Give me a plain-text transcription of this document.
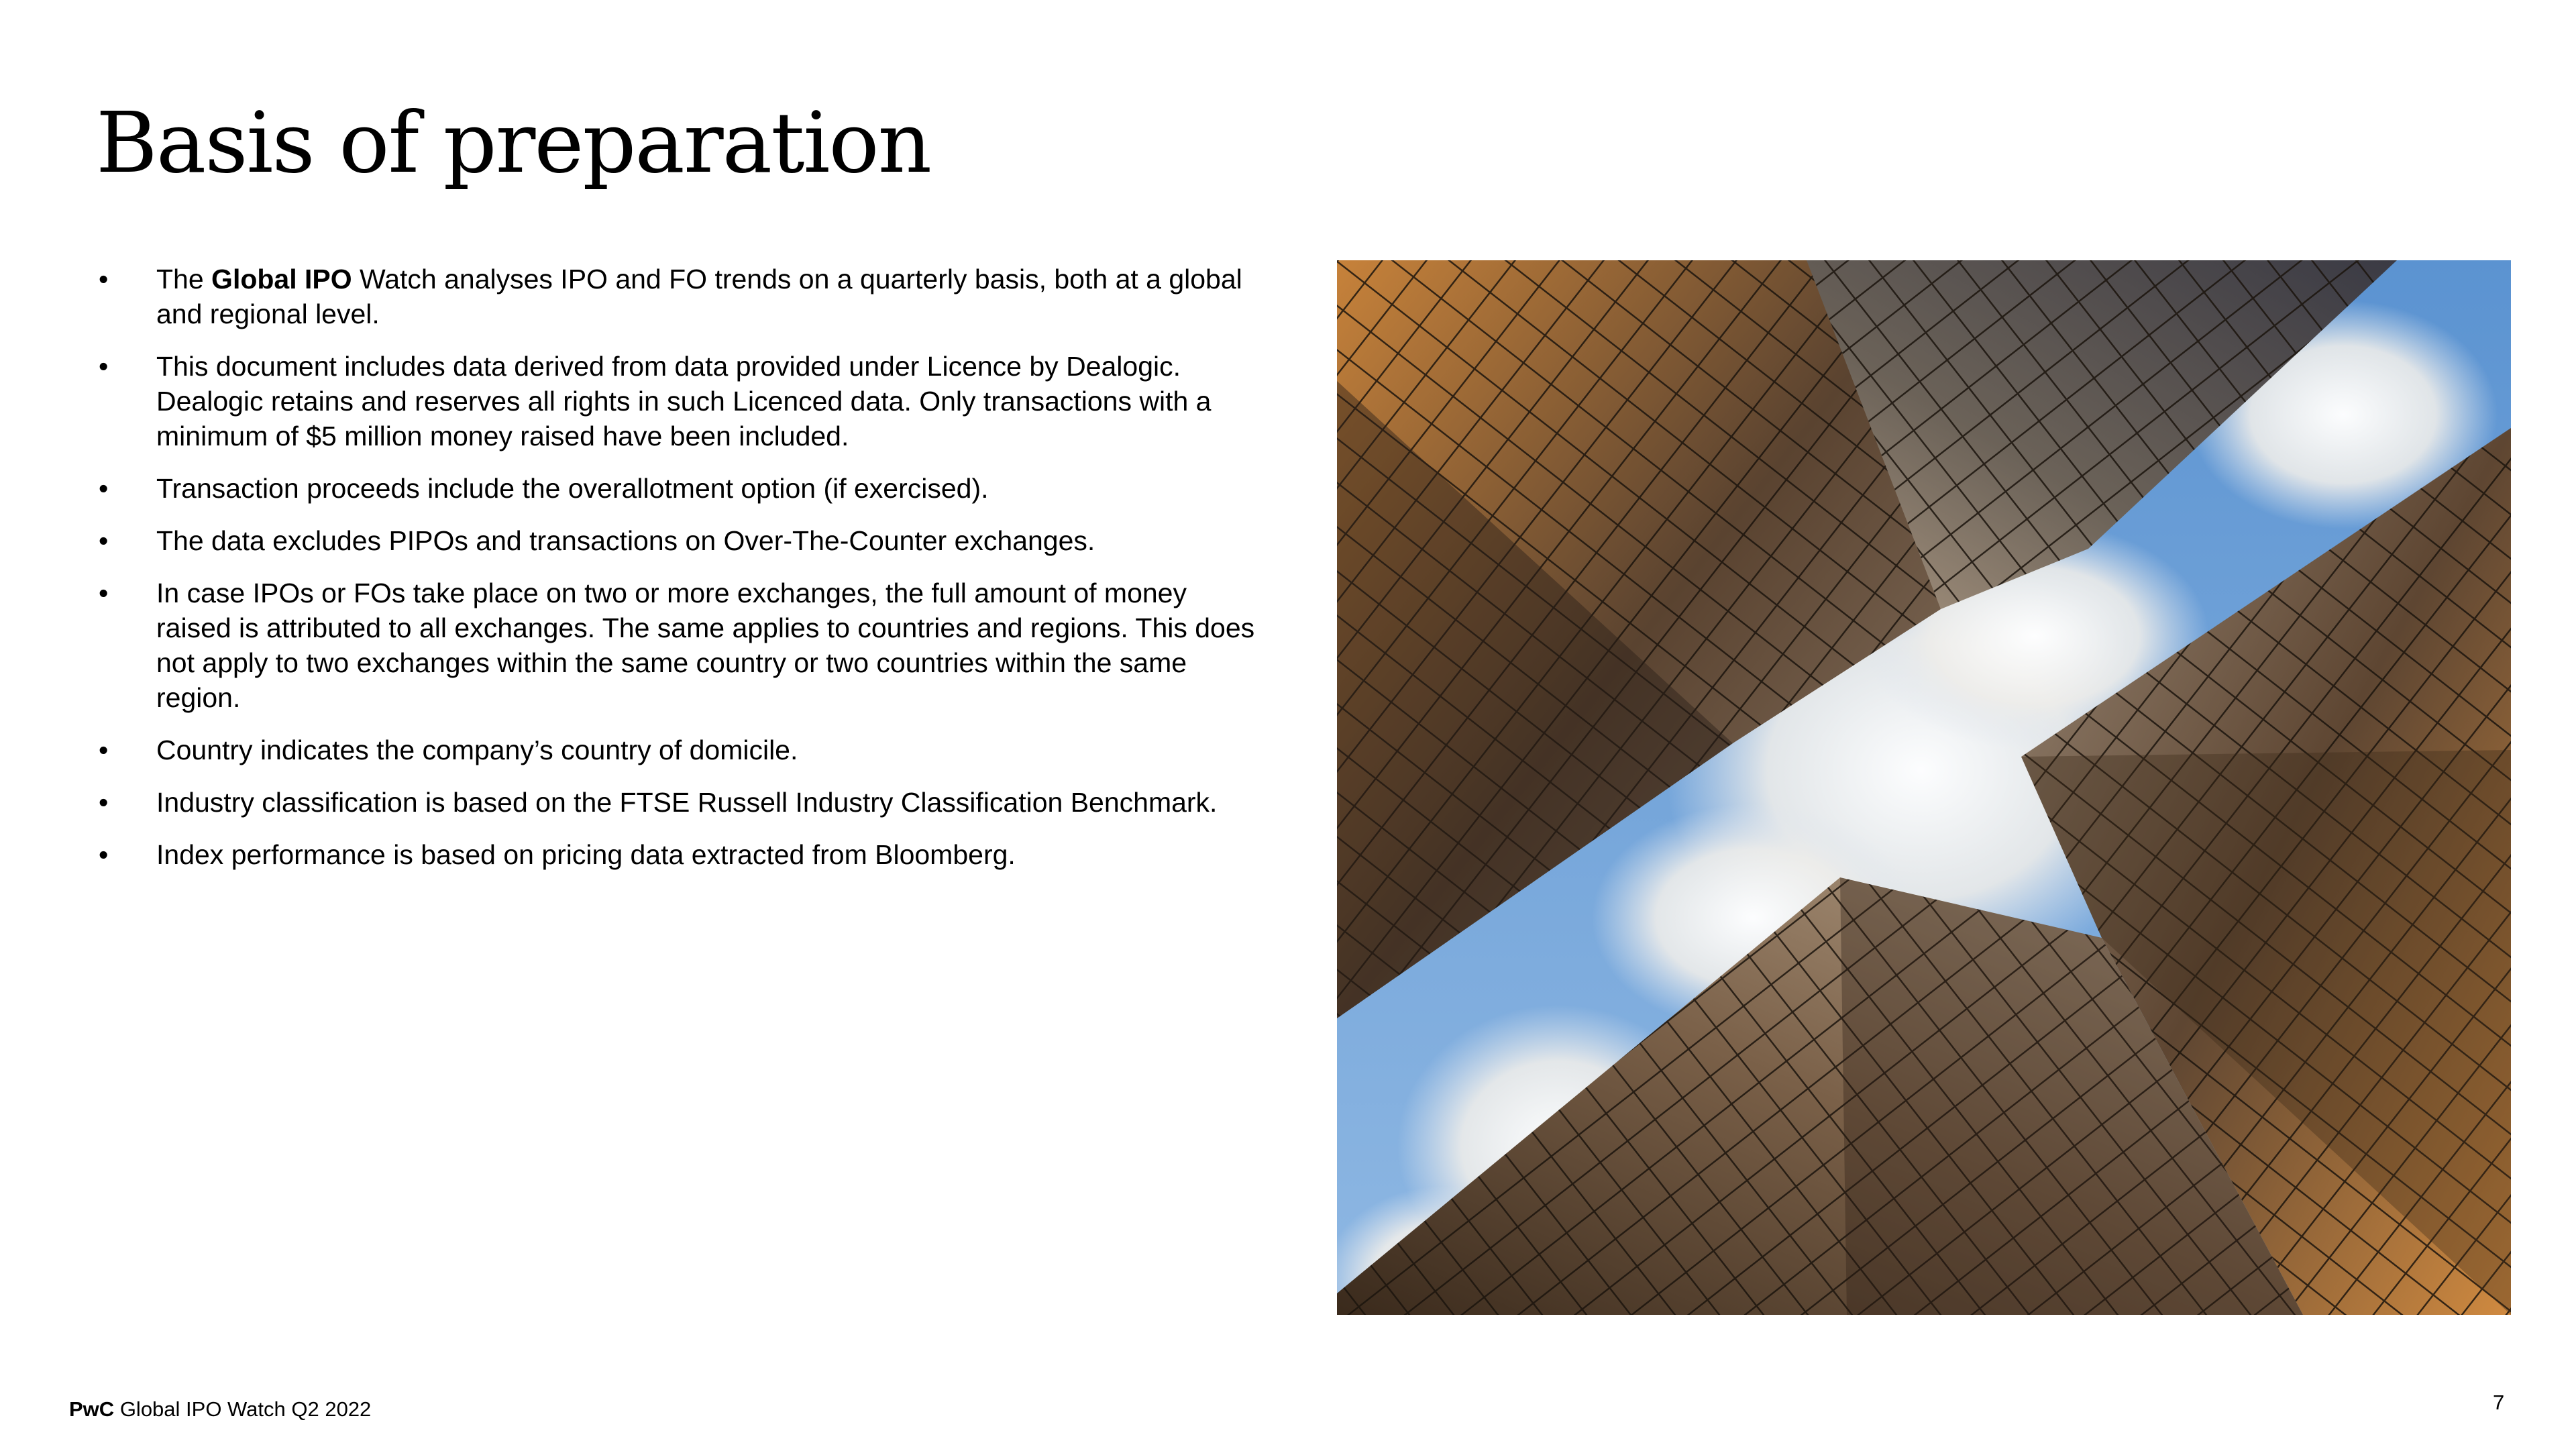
Basis of preparation
• The Global IPO Watch analyses IPO and FO trends on a quarterly basis, both at a global and regional level.
• This document includes data derived from data provided under Licence by Dealogic. Dealogic retains and reserves all rights in such Licenced data. Only transactions with a minimum of $5 million money raised have been included.
• Transaction proceeds include the overallotment option (if exercised).
• The data excludes PIPOs and transactions on Over-The-Counter exchanges.
• In case IPOs or FOs take place on two or more exchanges, the full amount of money raised is attributed to all exchanges. The same applies to countries and regions. This does not apply to two exchanges within the same country or two countries within the same region.
• Country indicates the company’s country of domicile.
• Industry classification is based on the FTSE Russell Industry Classification Benchmark.
• Index performance is based on pricing data extracted from Bloomberg.
PwC Global IPO Watch Q2 2022	7
